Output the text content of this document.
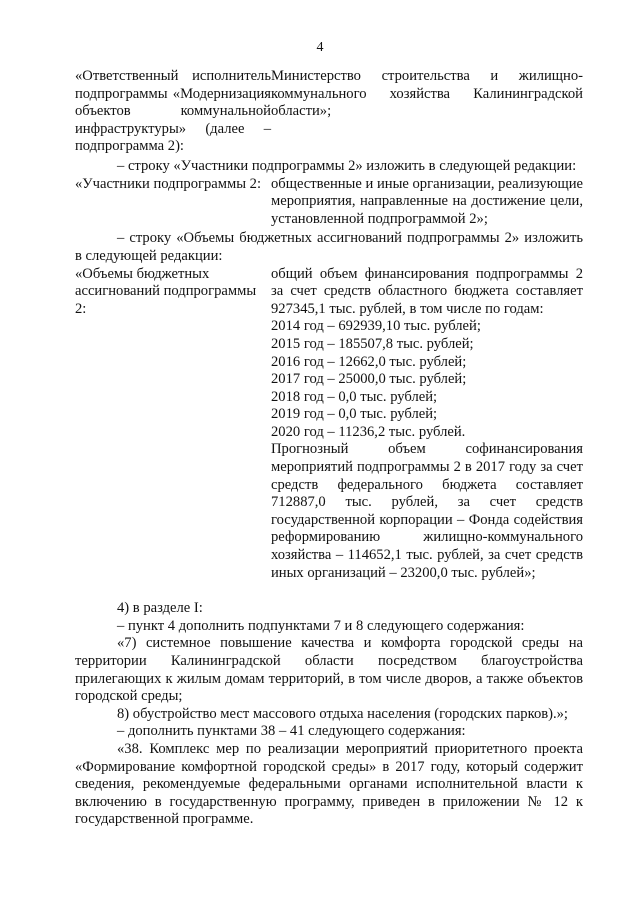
4
«Ответственный исполнитель подпрограммы «Модернизация объектов коммунальной инфраструктуры» (далее – подпрограмма 2):
Министерство строительства и жилищно-коммунального хозяйства Калининградской области»;

– строку «Участники подпрограммы 2» изложить в следующей редакции:

«Участники подпрограммы 2: общественные и иные организации, реализующие мероприятия, направленные на достижение цели, установленной подпрограммой 2»;

– строку «Объемы бюджетных ассигнований подпрограммы 2» изложить в следующей редакции:

«Объемы бюджетных ассигнований подпрограммы 2:
общий объем финансирования подпрограммы 2 за счет средств областного бюджета составляет 927345,1 тыс. рублей, в том числе по годам:
2014 год – 692939,10 тыс. рублей;
2015 год – 185507,8 тыс. рублей;
2016 год – 12662,0 тыс. рублей;
2017 год – 25000,0 тыс. рублей;
2018 год – 0,0 тыс. рублей;
2019 год – 0,0 тыс. рублей;
2020 год – 11236,2 тыс. рублей.
Прогнозный объем софинансирования мероприятий подпрограммы 2 в 2017 году за счет средств федерального бюджета составляет 712887,0 тыс. рублей, за счет средств государственной корпорации – Фонда содействия реформированию жилищно-коммунального хозяйства – 114652,1 тыс. рублей, за счет средств иных организаций – 23200,0 тыс. рублей»;

4) в разделе I:

– пункт 4 дополнить подпунктами 7 и 8 следующего содержания:

«7) системное повышение качества и комфорта городской среды на территории Калининградской области посредством благоустройства прилегающих к жилым домам территорий, в том числе дворов, а также объектов городской среды;

8) обустройство мест массового отдыха населения (городских парков).»;

– дополнить пунктами 38 – 41 следующего содержания:

«38. Комплекс мер по реализации мероприятий приоритетного проекта «Формирование комфортной городской среды» в 2017 году, который содержит сведения, рекомендуемые федеральными органами исполнительной власти к включению в государственную программу, приведен в приложении № 12 к государственной программе.
